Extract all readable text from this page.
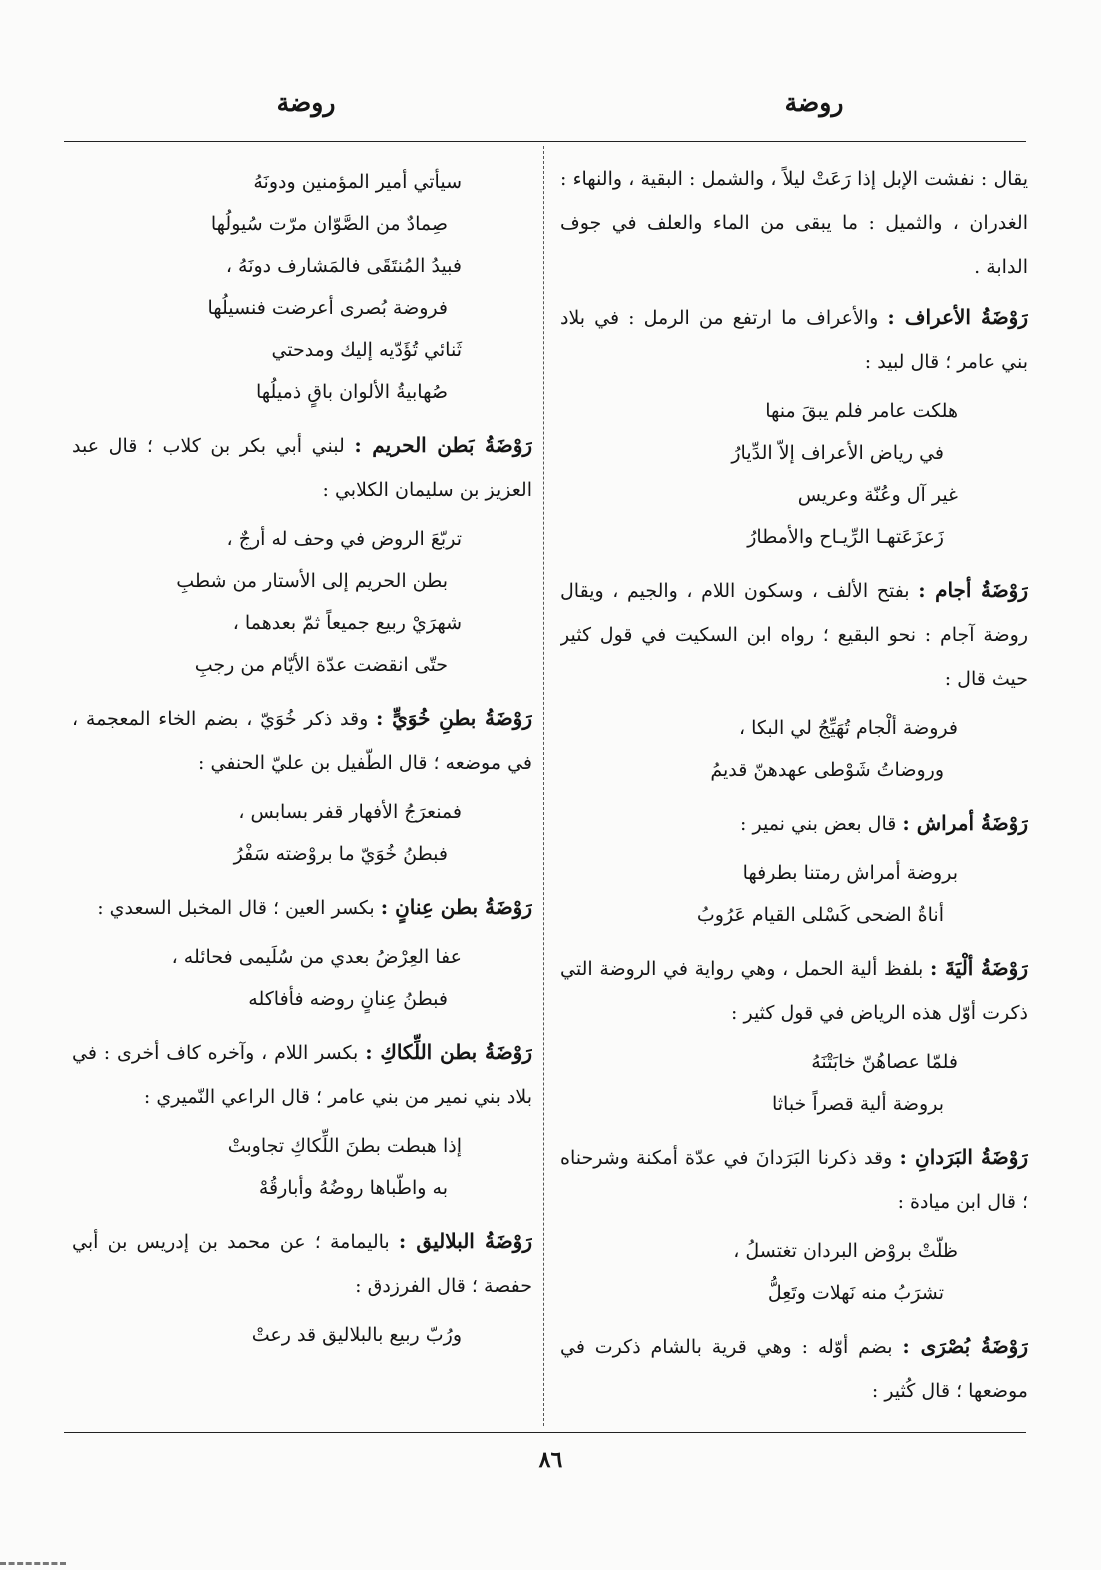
روضة
روضة

يقال : نفشت الإبل إذا رَعَتْ ليلاً ، والشمل : البقية ، والنهاء : الغدران ، والثميل : ما يبقى من الماء والعلف في جوف الدابة .

رَوْضَةُ الأعراف : والأعراف ما ارتفع من الرمل : في بلاد بني عامر ؛ قال لبيد :

هلكت عامر فلم يبقَ منها
في رياض الأعراف إلاّ الدِّيارُ
غير آل وعُنّة وعريس
زَعزَعَتهـا الرِّيـاح والأمطارُ

رَوْضَةُ أجام : بفتح الألف ، وسكون اللام ، والجيم ، ويقال روضة آجام : نحو البقيع ؛ رواه ابن السكيت في قول كثير حيث قال :

فروضة ألْجام تُهَيِّجُ لي البكا ،
وروضاتُ شَوْطى عهدهنّ قديمُ

رَوْضَةُ أمراش : قال بعض بني نمير :

بروضة أمراش رمتنا بطرفها
أناةُ الضحى كَسْلى القيام عَرُوبُ

رَوْضَةُ ألْيَةَ : بلفظ ألية الحمل ، وهي رواية في الروضة التي ذكرت أوّل هذه الرياض في قول كثير :

فلمّا عصاهُنّ خابَتْنَهُ
بروضة ألية قصراً خباثا

رَوْضَةُ البَرَدانِ : وقد ذكرنا البَرَدانَ في عدّة أمكنة وشرحناه ؛ قال ابن ميادة :

ظلّتْ بروْض البردان تغتسلُ ،
تشرَبُ منه نَهلات وتَعِلُّ

رَوْضَةُ بُصْرَى : بضم أوّله : وهي قرية بالشام ذكرت في موضعها ؛ قال كُثير :

سيأتي أمير المؤمنين ودونَهُ
صِمادٌ من الصَّوّان مرّت سُيولُها
فبيدُ المُنتَقَى فالمَشارف دونَهُ ،
فروضة بُصرى أعرضت فنسيلُها
ثَنائي تُؤَدّيه إليك ومدحتي
صُهابيةُ الألوان باقٍ ذميلُها

رَوْضَةُ بَطن الحريم : لبني أبي بكر بن كلاب ؛ قال عبد العزيز بن سليمان الكلابي :

تربّعَ الروض في وحف له أرجٌ ،
بطن الحريم إلى الأستار من شطبِ
شهرَيْ ربيع جميعاً ثمّ بعدهما ،
حتّى انقضت عدّة الأيّام من رجبِ

رَوْضَةُ بطنِ خُوَيٍّ : وقد ذكر خُوَيّ ، بضم الخاء المعجمة ، في موضعه ؛ قال الطّفيل بن عليّ الحنفي :

فمنعرَجُ الأفهار قفر بسابس ،
فبطنُ خُوَيّ ما بروْضته سَفْرُ

رَوْضَةُ بطن عِنانٍ : بكسر العين ؛ قال المخبل السعدي :

عفا العِرْضُ بعدي من سُلَيمى فحائله ،
فبطنُ عِنانٍ روضه فأفاكله

رَوْضَةُ بطن اللِّكاكِ : بكسر اللام ، وآخره كاف أخرى : في بلاد بني نمير من بني عامر ؛ قال الراعي النّميري :

إذا هبطت بطنَ اللِّكاكِ تجاوبتْ
به واطّباها روضُهُ وأبارقُهْ

رَوْضَةُ البلاليق : باليمامة ؛ عن محمد بن إدريس بن أبي حفصة ؛ قال الفرزدق :

ورُبّ ربيع بالبلاليق قد رعتْ
٨٦
